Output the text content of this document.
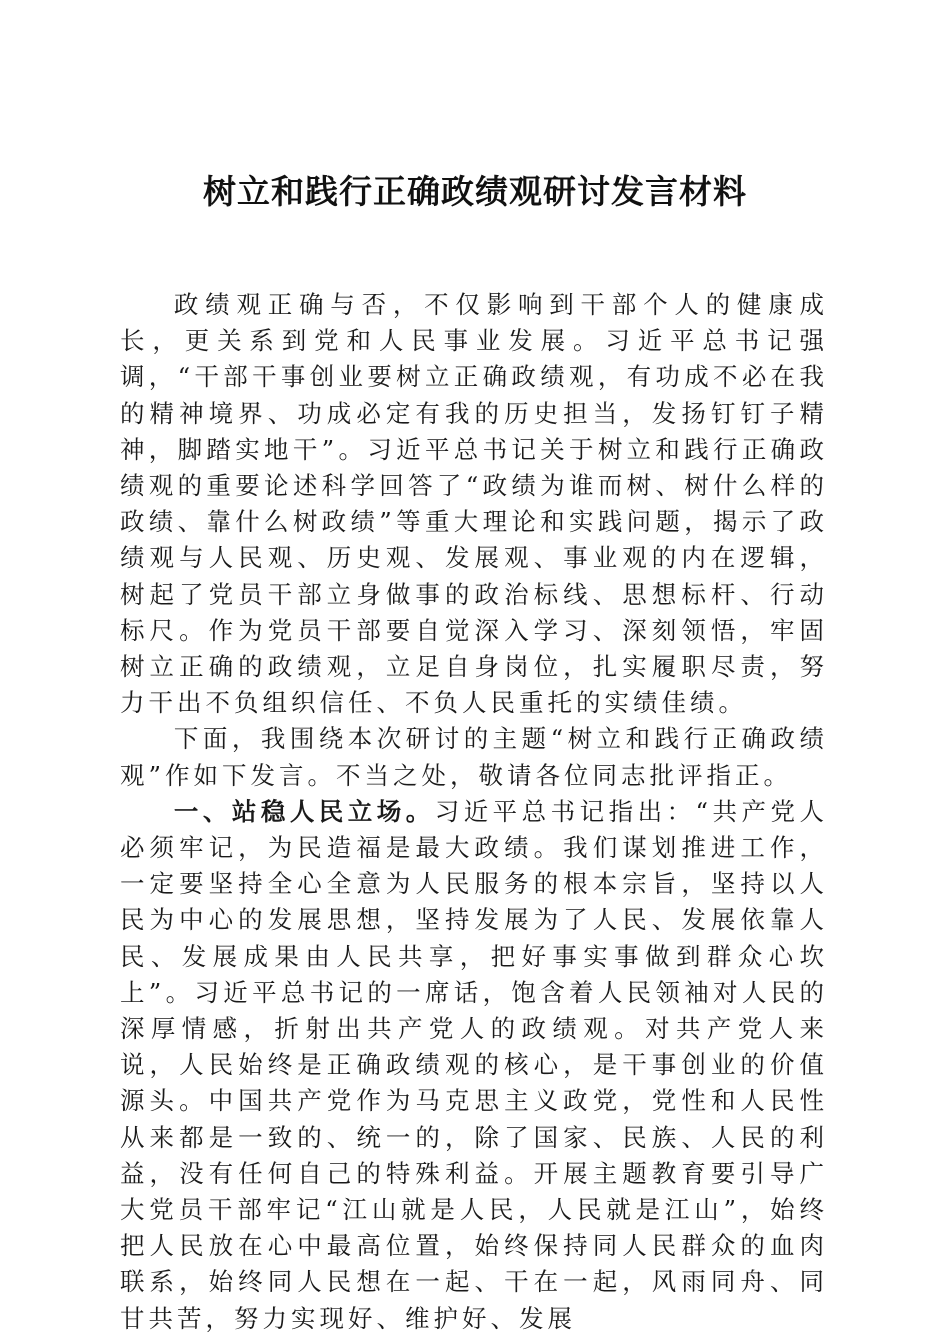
树立和践行正确政绩观研讨发言材料

政绩观正确与否，不仅影响到干部个人的健康成长，更关系到党和人民事业发展。习近平总书记强调，“干部干事创业要树立正确政绩观，有功成不必在我的精神境界、功成必定有我的历史担当，发扬钉钉子精神，脚踏实地干”。习近平总书记关于树立和践行正确政绩观的重要论述科学回答了“政绩为谁而树、树什么样的政绩、靠什么树政绩”等重大理论和实践问题，揭示了政绩观与人民观、历史观、发展观、事业观的内在逻辑，树起了党员干部立身做事的政治标线、思想标杆、行动标尺。作为党员干部要自觉深入学习、深刻领悟，牢固树立正确的政绩观，立足自身岗位，扎实履职尽责，努力干出不负组织信任、不负人民重托的实绩佳绩。

下面，我围绕本次研讨的主题“树立和践行正确政绩观”作如下发言。不当之处，敬请各位同志批评指正。

一、站稳人民立场。习近平总书记指出：“共产党人必须牢记，为民造福是最大政绩。我们谋划推进工作，一定要坚持全心全意为人民服务的根本宗旨，坚持以人民为中心的发展思想，坚持发展为了人民、发展依靠人民、发展成果由人民共享，把好事实事做到群众心坎上”。习近平总书记的一席话，饱含着人民领袖对人民的深厚情感，折射出共产党人的政绩观。对共产党人来说，人民始终是正确政绩观的核心，是干事创业的价值源头。中国共产党作为马克思主义政党，党性和人民性从来都是一致的、统一的，除了国家、民族、人民的利益，没有任何自己的特殊利益。开展主题教育要引导广大党员干部牢记“江山就是人民，人民就是江山”，始终把人民放在心中最高位置，始终保持同人民群众的血肉联系，始终同人民想在一起、干在一起，风雨同舟、同甘共苦，努力实现好、维护好、发展
